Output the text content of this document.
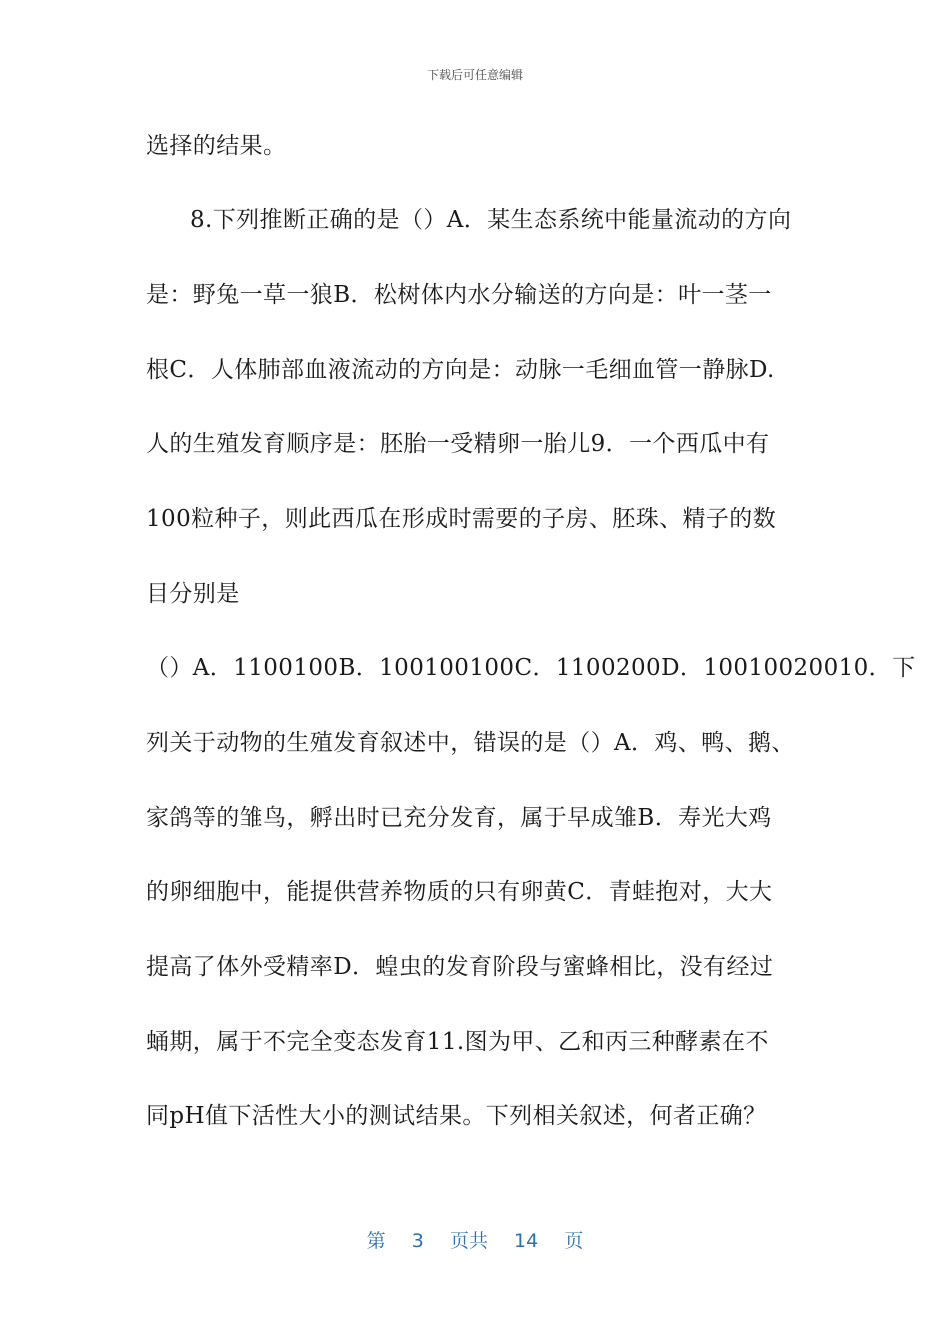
下载后可任意编辑
选择的结果。
8.下列推断正确的是（）A．某生态系统中能量流动的方向
是：野兔一草一狼B．松树体内水分输送的方向是：叶一茎一
根C．人体肺部血液流动的方向是：动脉一毛细血管一静脉D.
人的生殖发育顺序是：胚胎一受精卵一胎儿9．一个西瓜中有
100粒种子，则此西瓜在形成时需要的子房、胚珠、精子的数
目分别是
（）A．1100100B．100100100C．1100200D．10010020010．下
列关于动物的生殖发育叙述中，错误的是（）A．鸡、鸭、鹅、
家鸽等的雏鸟，孵出时已充分发育，属于早成雏B．寿光大鸡
的卵细胞中，能提供营养物质的只有卵黄C．青蛙抱对，大大
提高了体外受精率D．蝗虫的发育阶段与蜜蜂相比，没有经过
蛹期，属于不完全变态发育11.图为甲、乙和丙三种酵素在不
同pH值下活性大小的测试结果。下列相关叙述，何者正确？
第 3 页共 14 页
